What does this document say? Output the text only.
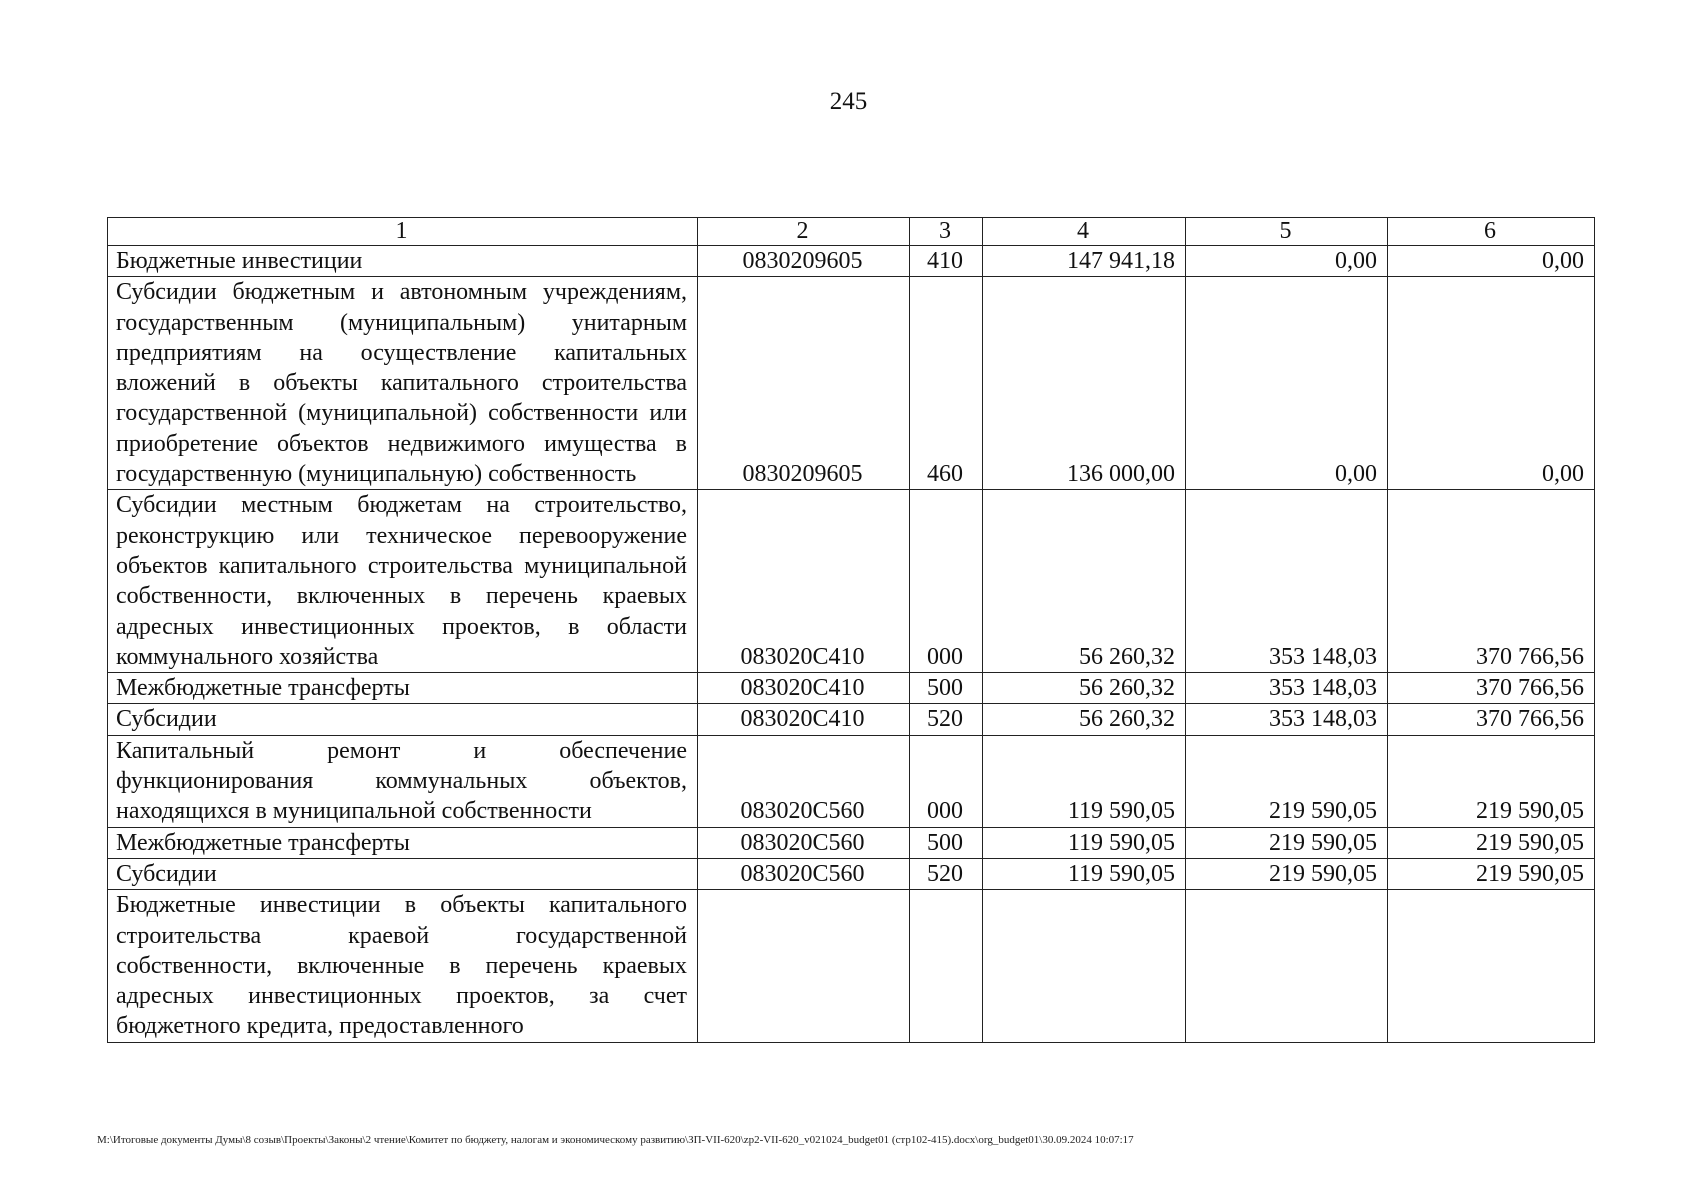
245
1	2	3	4	5	6
Бюджетные инвестиции	0830209605	410	147 941,18	0,00	0,00
Субсидии бюджетным и автономным учреждениям, государственным (муниципальным) унитарным предприятиям на осуществление капитальных вложений в объекты капитального строительства государственной (муниципальной) собственности или приобретение объектов недвижимого имущества в государственную (муниципальную) собственность	0830209605	460	136 000,00	0,00	0,00
Субсидии местным бюджетам на строительство, реконструкцию или техническое перевооружение объектов капитального строительства муниципальной собственности, включенных в перечень краевых адресных инвестиционных проектов, в области коммунального хозяйства	083020С410	000	56 260,32	353 148,03	370 766,56
Межбюджетные трансферты	083020С410	500	56 260,32	353 148,03	370 766,56
Субсидии	083020С410	520	56 260,32	353 148,03	370 766,56
Капитальный ремонт и обеспечение функционирования коммунальных объектов, находящихся в муниципальной собственности	083020С560	000	119 590,05	219 590,05	219 590,05
Межбюджетные трансферты	083020С560	500	119 590,05	219 590,05	219 590,05
Субсидии	083020С560	520	119 590,05	219 590,05	219 590,05
Бюджетные инвестиции в объекты капитального строительства краевой государственной собственности, включенные в перечень краевых адресных инвестиционных проектов, за счет бюджетного кредита, предоставленного					
М:\Итоговые документы Думы\8 созыв\Проекты\Законы\2 чтение\Комитет по бюджету, налогам и экономическому развитию\ЗП-VII-620\zp2-VII-620_v021024_budget01 (стр102-415).docx\org_budget01\30.09.2024 10:07:17
